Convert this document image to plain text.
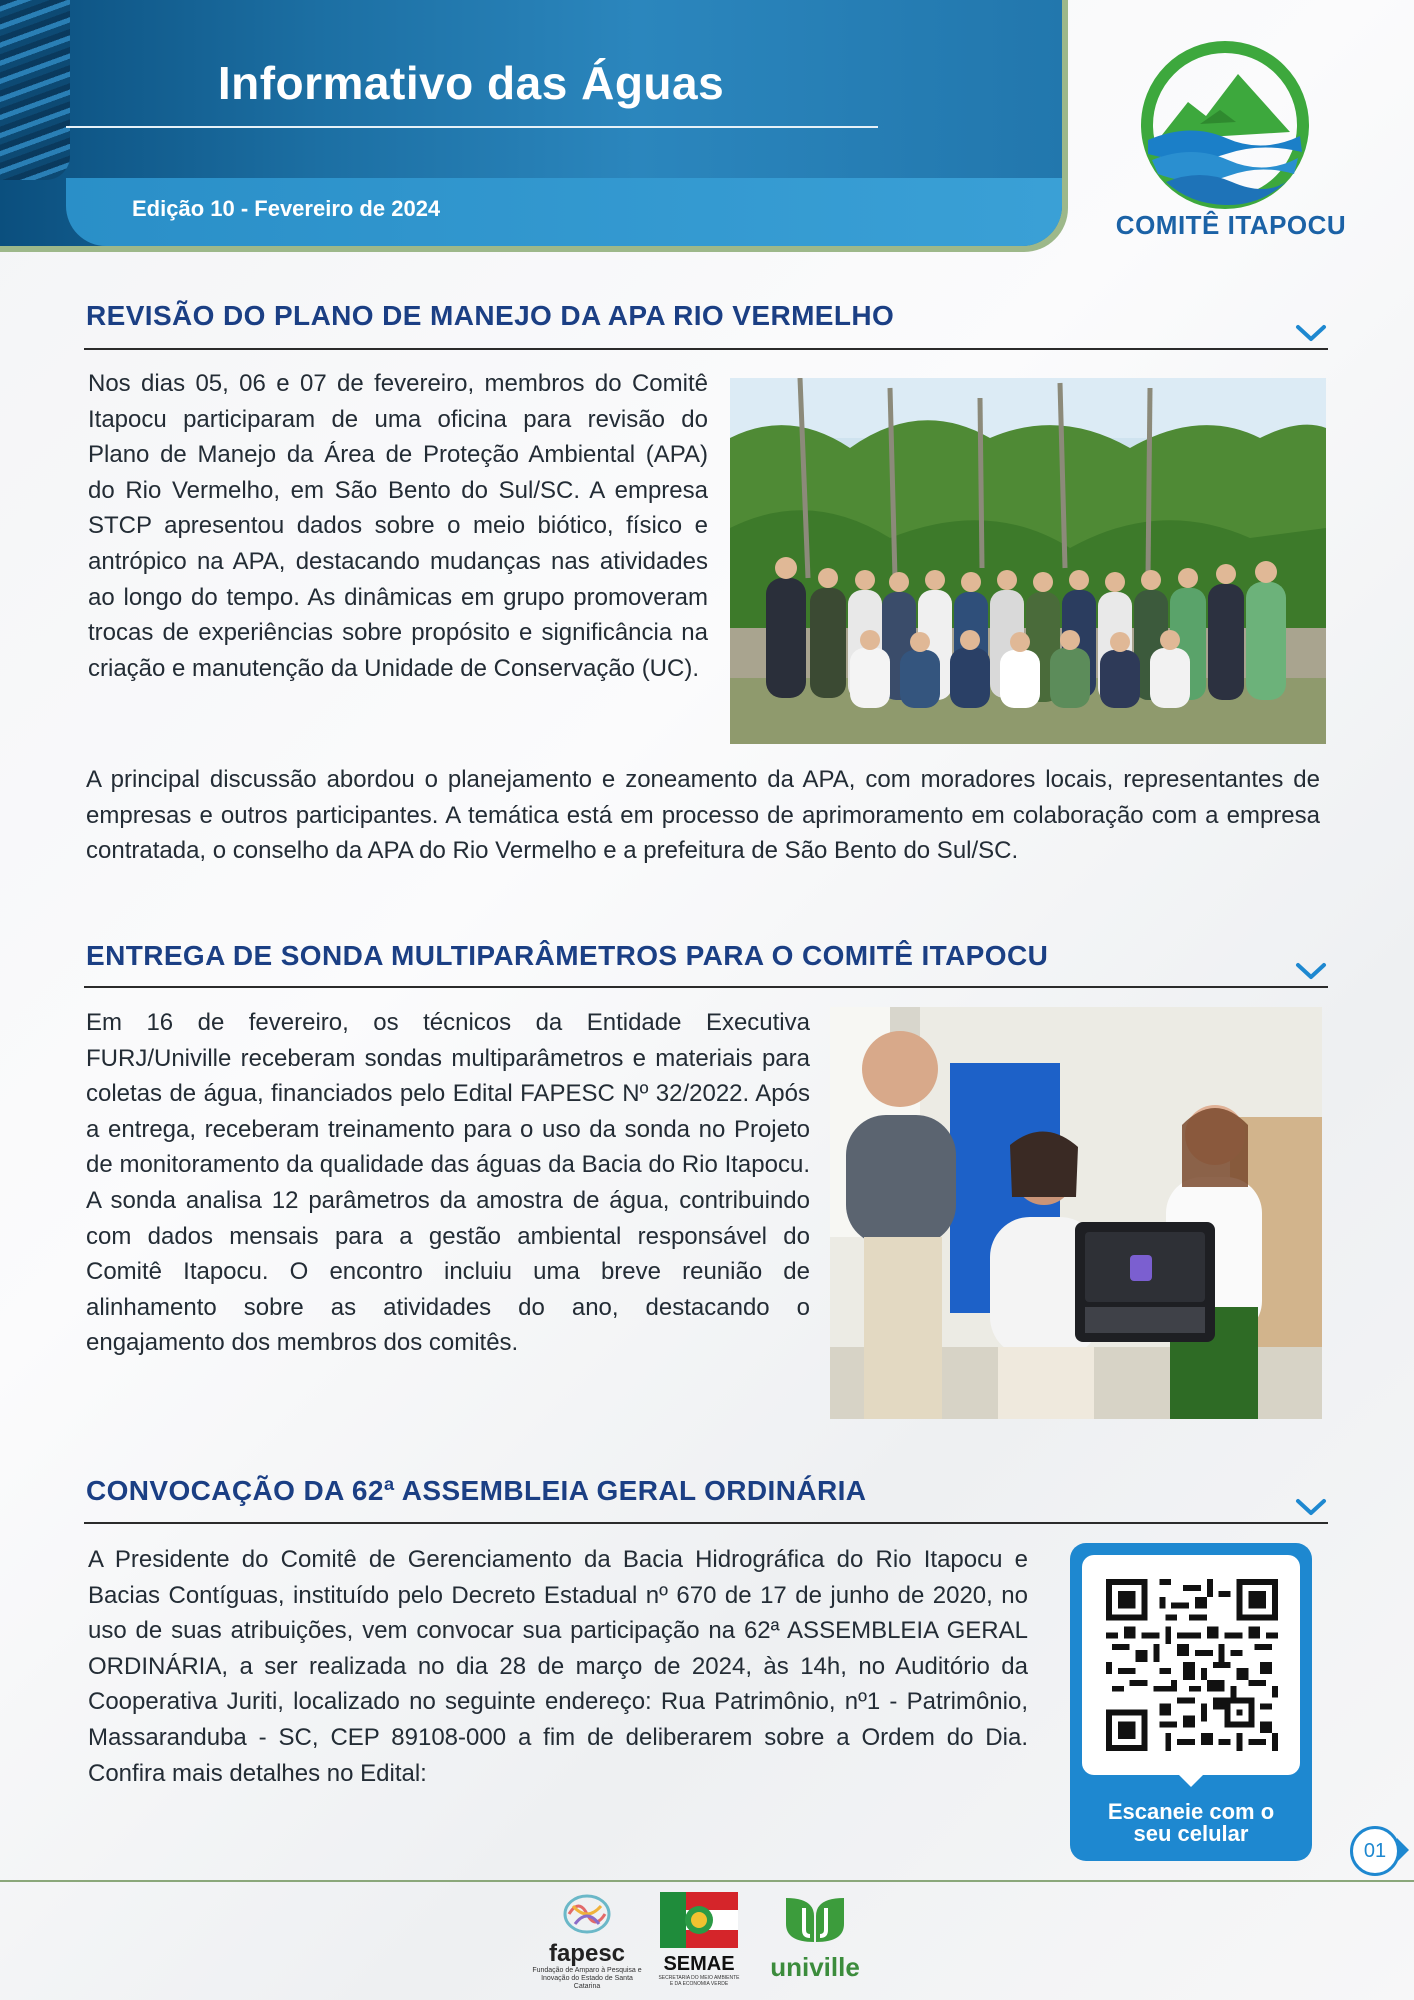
Informativo das Águas
Edição 10 - Fevereiro de 2024
COMITÊ ITAPOCU
REVISÃO DO PLANO DE MANEJO DA APA RIO VERMELHO

Nos dias 05, 06 e 07 de fevereiro, membros do Comitê Itapocu participaram de uma oficina para revisão do Plano de Manejo da Área de Proteção Ambiental (APA) do Rio Vermelho, em São Bento do Sul/SC. A empresa STCP apresentou dados sobre o meio biótico, físico e antrópico na APA, destacando mudanças nas atividades ao longo do tempo. As dinâmicas em grupo promoveram trocas de experiências sobre propósito e significância na criação e manutenção da Unidade de Conservação (UC).

A principal discussão abordou o planejamento e zoneamento da APA, com moradores locais, representantes de empresas e outros participantes. A temática está em processo de aprimoramento em colaboração com a empresa contratada, o conselho da APA do Rio Vermelho e a prefeitura de São Bento do Sul/SC.

ENTREGA DE SONDA MULTIPARÂMETROS PARA O COMITÊ ITAPOCU

Em 16 de fevereiro, os técnicos da Entidade Executiva FURJ/Univille receberam sondas multiparâmetros e materiais para coletas de água, financiados pelo Edital FAPESC Nº 32/2022. Após a entrega, receberam treinamento para o uso da sonda no Projeto de monitoramento da qualidade das águas da Bacia do Rio Itapocu. A sonda analisa 12 parâmetros da amostra de água, contribuindo com dados mensais para a gestão ambiental responsável do Comitê Itapocu. O encontro incluiu uma breve reunião de alinhamento sobre as atividades do ano, destacando o engajamento dos membros dos comitês.

CONVOCAÇÃO DA 62ª ASSEMBLEIA GERAL ORDINÁRIA

A Presidente do Comitê de Gerenciamento da Bacia Hidrográfica do Rio Itapocu e Bacias Contíguas, instituído pelo Decreto Estadual nº 670 de 17 de junho de 2020, no uso de suas atribuições, vem convocar sua participação na 62ª ASSEMBLEIA GERAL ORDINÁRIA, a ser realizada no dia 28 de março de 2024, às 14h, no Auditório da Cooperativa Juriti, localizado no seguinte endereço: Rua Patrimônio, nº1 - Patrimônio, Massaranduba - SC, CEP 89108-000 a fim de deliberarem sobre a Ordem do Dia. Confira mais detalhes no Edital:

Escaneie com o
seu celular
01
fapesc
Fundação de Amparo à Pesquisa e Inovação do Estado de Santa Catarina
SEMAE
SECRETARIA DO MEIO AMBIENTE E DA ECONOMIA VERDE
univille
